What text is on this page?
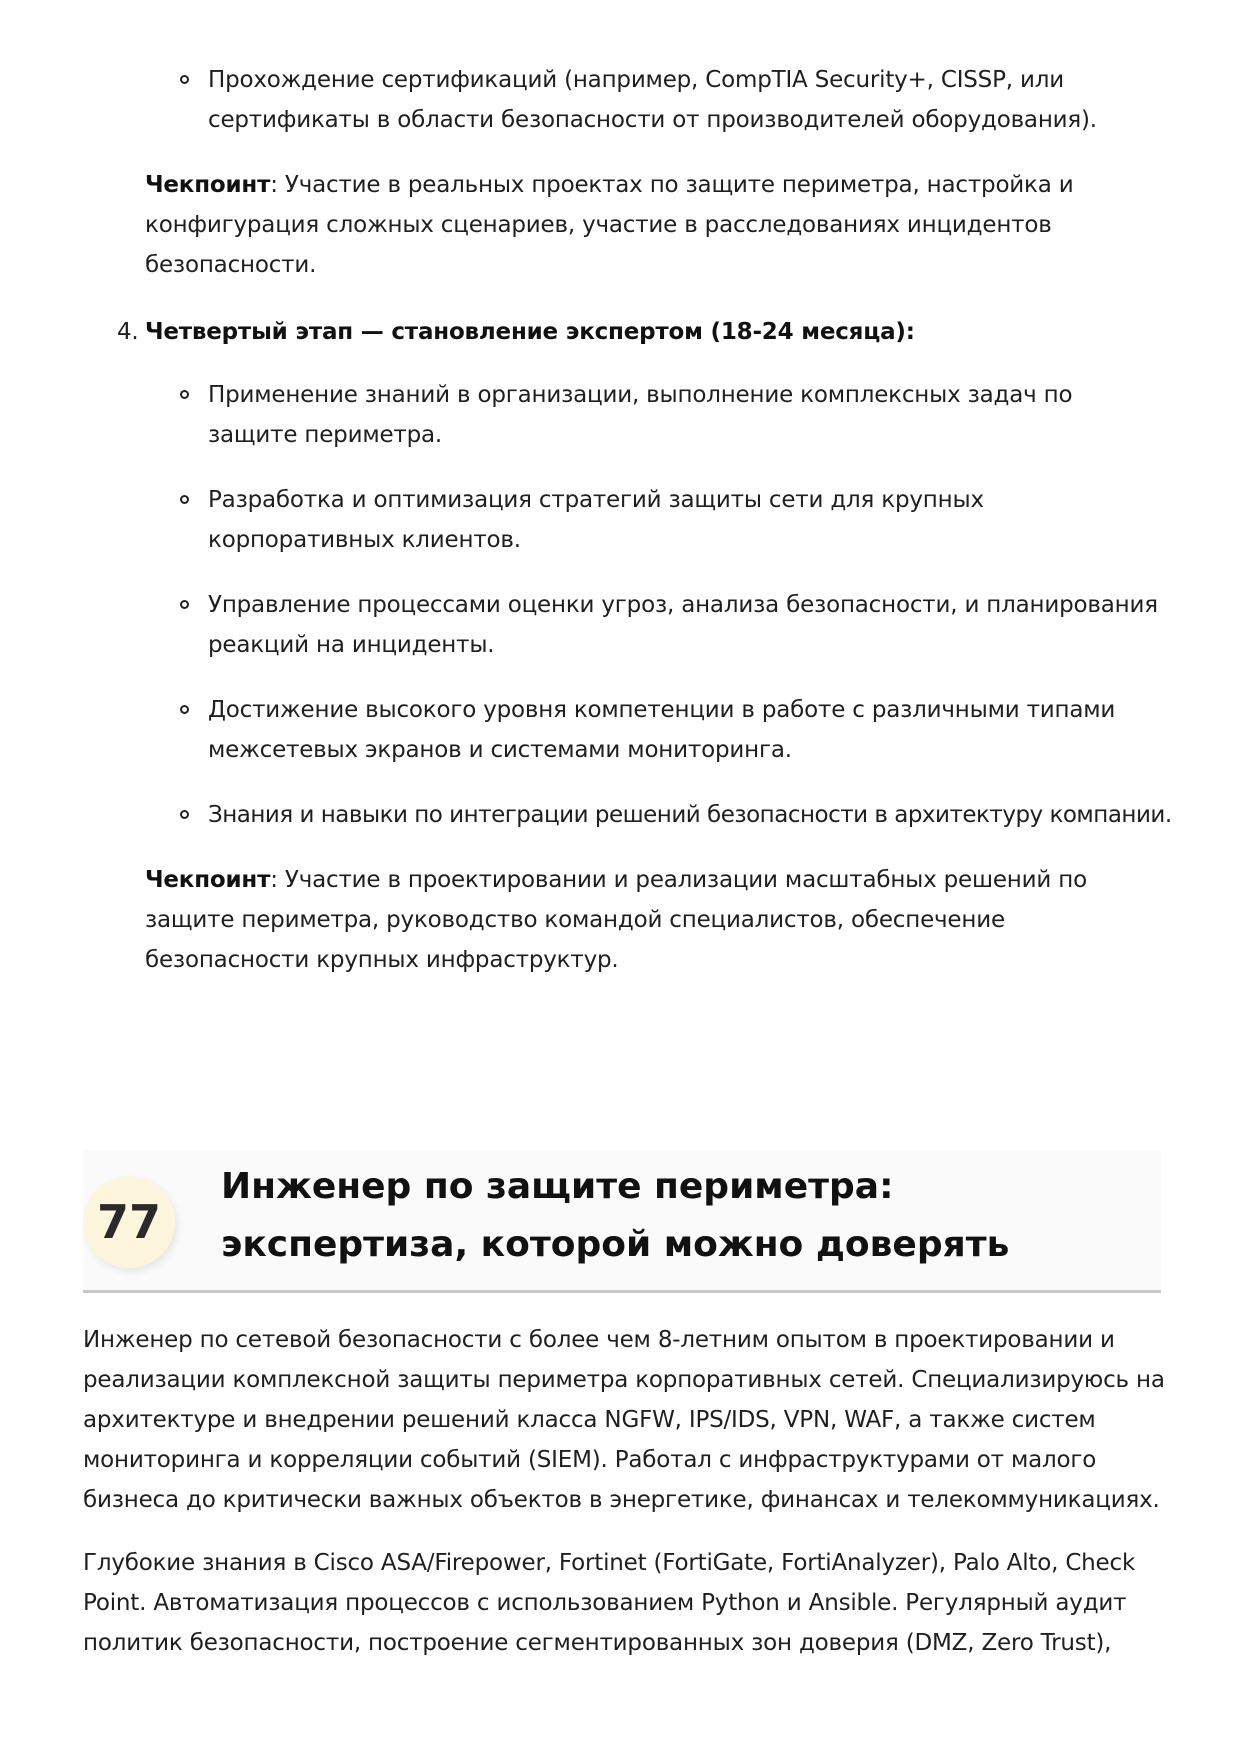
Прохождение сертификаций (например, CompTIA Security+, CISSP, или сертификаты в области безопасности от производителей оборудования).
Чекпоинт: Участие в реальных проектах по защите периметра, настройка и конфигурация сложных сценариев, участие в расследованиях инцидентов безопасности.
4. Четвертый этап — становление экспертом (18-24 месяца):
Применение знаний в организации, выполнение комплексных задач по защите периметра.
Разработка и оптимизация стратегий защиты сети для крупных корпоративных клиентов.
Управление процессами оценки угроз, анализа безопасности, и планирования реакций на инциденты.
Достижение высокого уровня компетенции в работе с различными типами межсетевых экранов и системами мониторинга.
Знания и навыки по интеграции решений безопасности в архитектуру компании.
Чекпоинт: Участие в проектировании и реализации масштабных решений по защите периметра, руководство командой специалистов, обеспечение безопасности крупных инфраструктур.
77
Инженер по защите периметра: экспертиза, которой можно доверять
Инженер по сетевой безопасности с более чем 8-летним опытом в проектировании и реализации комплексной защиты периметра корпоративных сетей. Специализируюсь на архитектуре и внедрении решений класса NGFW, IPS/IDS, VPN, WAF, а также систем мониторинга и корреляции событий (SIEM). Работал с инфраструктурами от малого бизнеса до критически важных объектов в энергетике, финансах и телекоммуникациях.
Глубокие знания в Cisco ASA/Firepower, Fortinet (FortiGate, FortiAnalyzer), Palo Alto, Check Point. Автоматизация процессов с использованием Python и Ansible. Регулярный аудит политик безопасности, построение сегментированных зон доверия (DMZ, Zero Trust),
